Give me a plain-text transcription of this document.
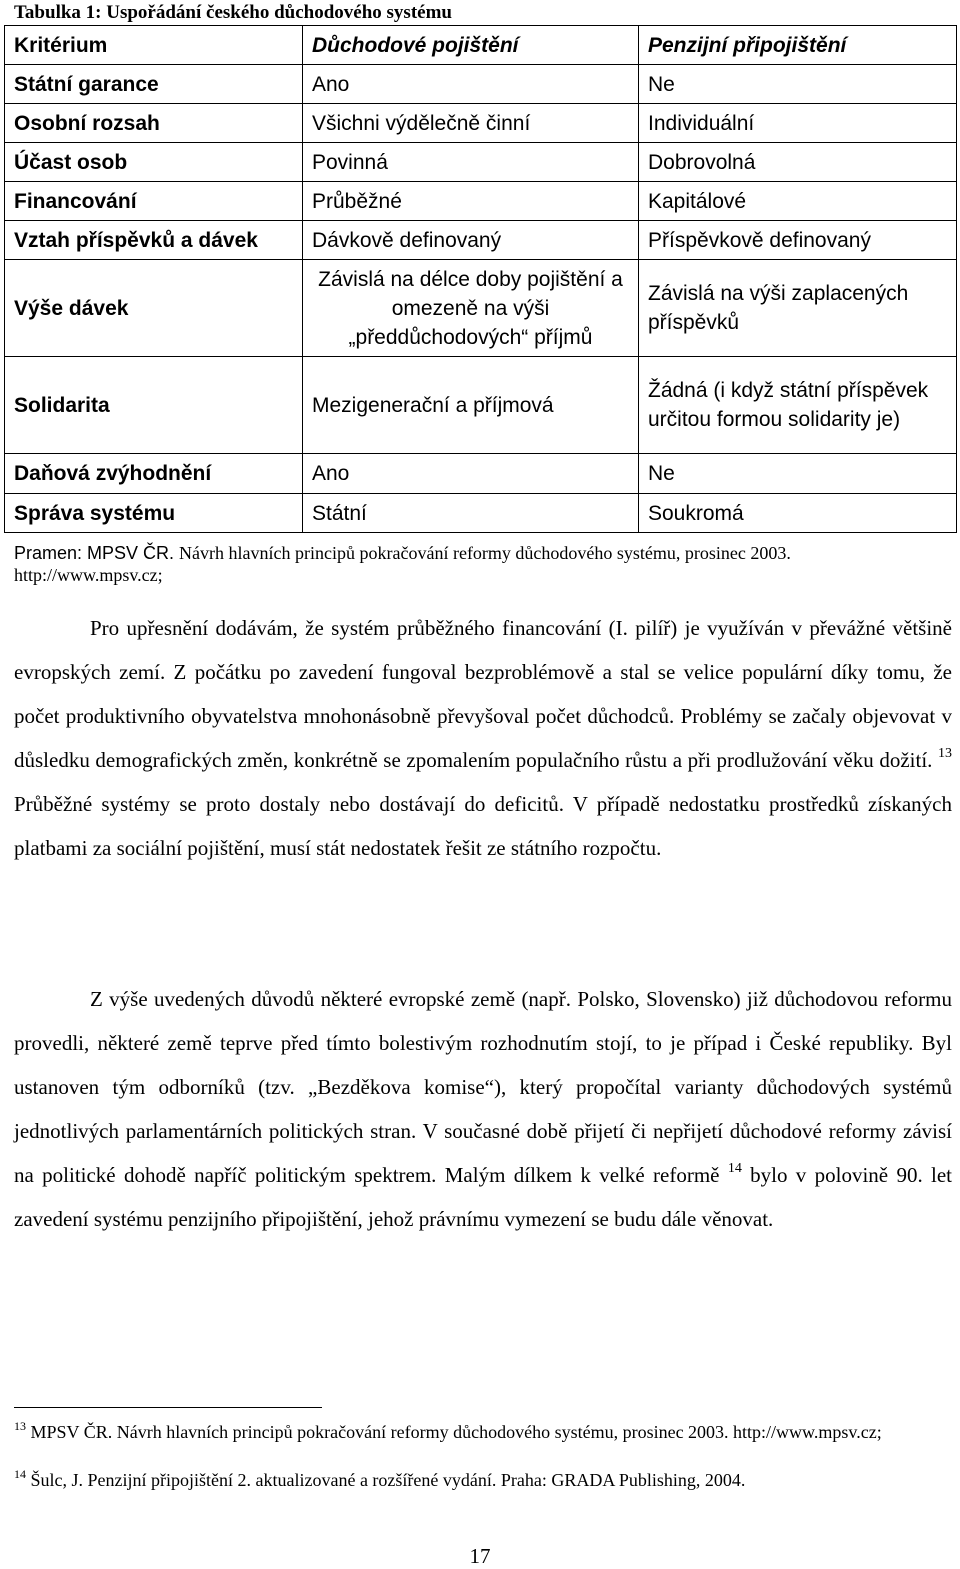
Tabulka 1: Uspořádání českého důchodového systému
Kritérium	Důchodové pojištění	Penzijní připojištění
Státní garance	Ano	Ne
Osobní rozsah	Všichni výdělečně činní	Individuální
Účast osob	Povinná	Dobrovolná
Financování	Průběžné	Kapitálové
Vztah příspěvků a dávek	Dávkově definovaný	Příspěvkově definovaný
Výše dávek	Závislá na délce doby pojištění a omezeně na výši „předdůchodových“ příjmů	Závislá na výši zaplacených příspěvků
Solidarita	Mezigenerační a příjmová	Žádná (i když státní příspěvek určitou formou solidarity je)
Daňová zvýhodnění	Ano	Ne
Správa systému	Státní	Soukromá
Pramen: MPSV ČR. Návrh hlavních principů pokračování reformy důchodového systému, prosinec 2003. http://www.mpsv.cz;

Pro upřesnění dodávám, že systém průběžného financování (I. pilíř) je využíván v převážné většině evropských zemí. Z počátku po zavedení fungoval bezproblémově a stal se velice populární díky tomu, že počet produktivního obyvatelstva mnohonásobně převyšoval počet důchodců. Problémy se začaly objevovat v důsledku demografických změn, konkrétně se zpomalením populačního růstu a při prodlužování věku dožití. $^{13}$ Průběžné systémy se proto dostaly nebo dostávají do deficitů. V případě nedostatku prostředků získaných platbami za sociální pojištění, musí stát nedostatek řešit ze státního rozpočtu.

Z výše uvedených důvodů některé evropské země (např. Polsko, Slovensko) již důchodovou reformu provedli, některé země teprve před tímto bolestivým rozhodnutím stojí, to je případ i České republiky. Byl ustanoven tým odborníků (tzv. „Bezděkova komise“), který propočítal varianty důchodových systémů jednotlivých parlamentárních politických stran. V současné době přijetí či nepřijetí důchodové reformy závisí na politické dohodě napříč politickým spektrem. Malým dílkem k velké reformě $^{14}$ bylo v polovině 90. let zavedení systému penzijního připojištění, jehož právnímu vymezení se budu dále věnovat.

$^{13}$ MPSV ČR. Návrh hlavních principů pokračování reformy důchodového systému, prosinec 2003. http://www.mpsv.cz;
$^{14}$ Šulc, J. Penzijní připojištění 2. aktualizované a rozšířené vydání. Praha: GRADA Publishing, 2004.
17
